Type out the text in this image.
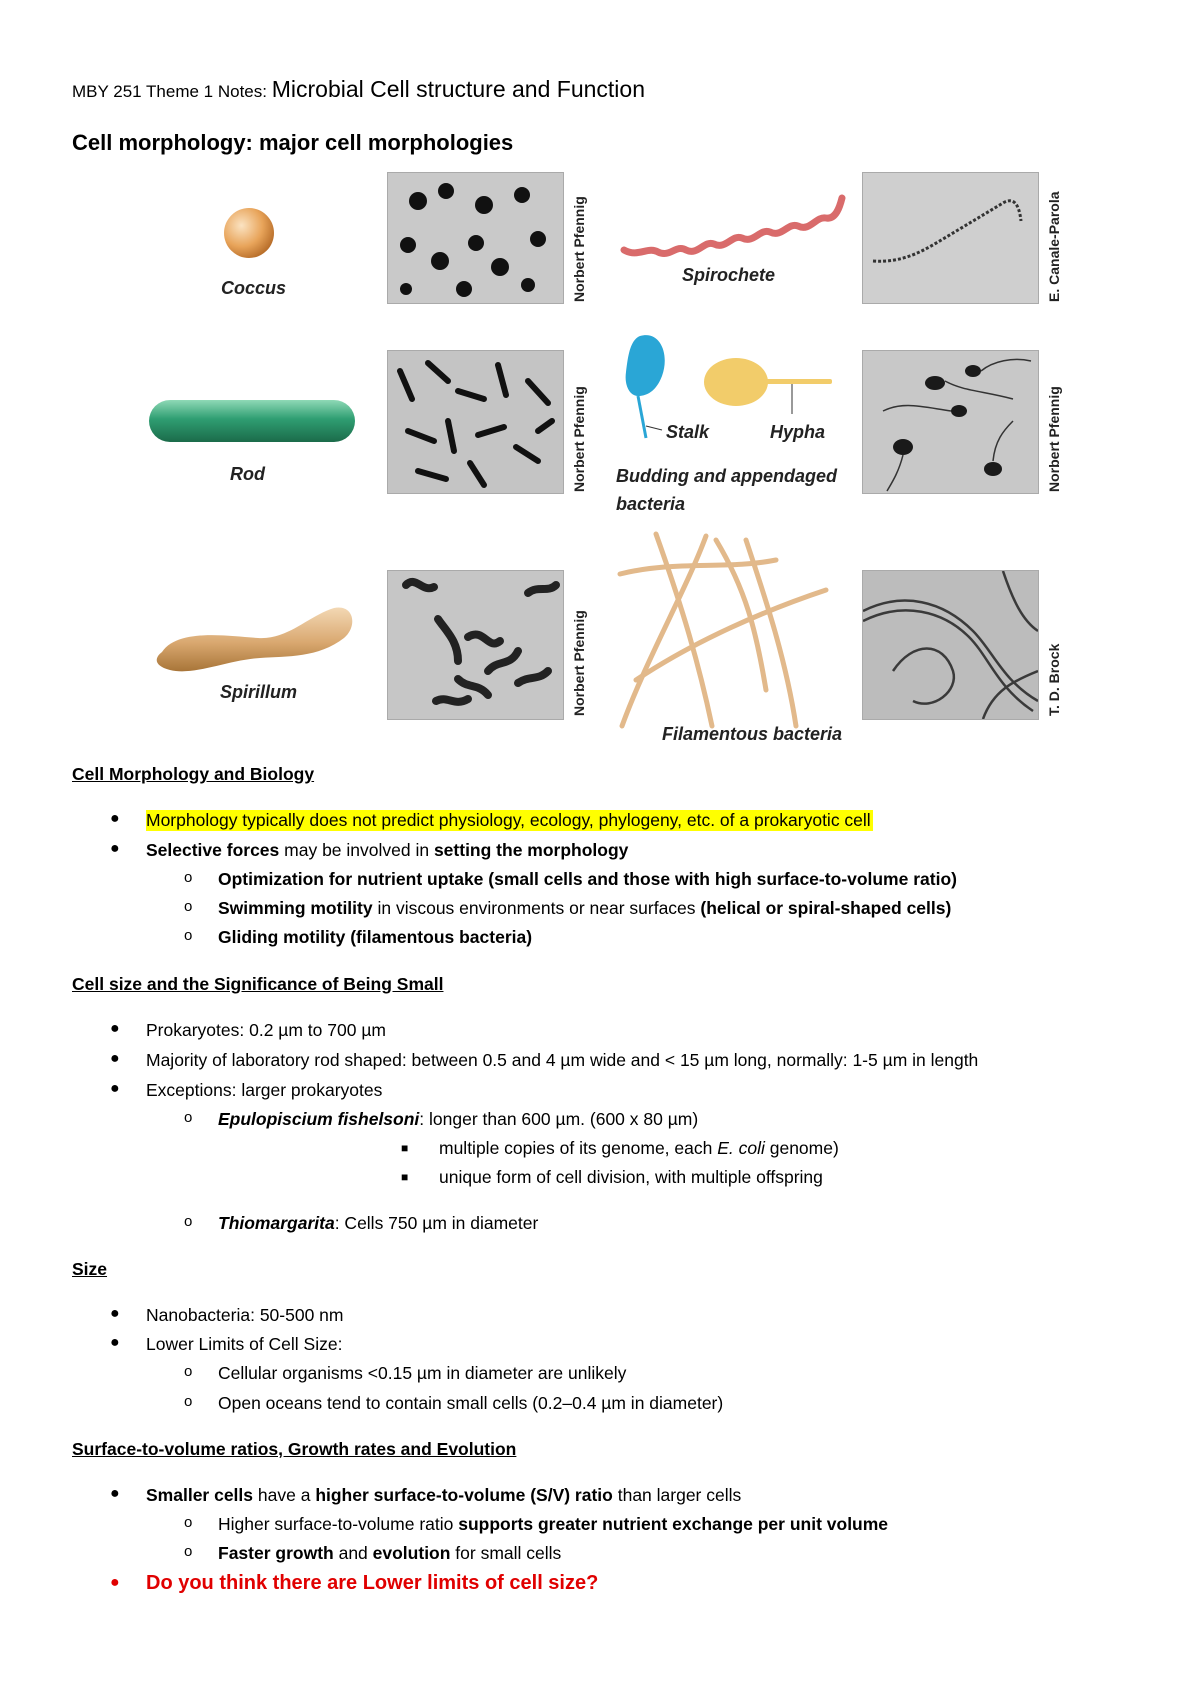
MBY 251 Theme 1 Notes: Microbial Cell structure and Function
Cell morphology: major cell morphologies
Coccus	Norbert Pfennig
Rod	Norbert Pfennig
Spirillum	Norbert Pfennig
Spirochete	E. Canale-Parola
Stalk	Hypha
Budding and appendaged
bacteria
Norbert Pfennig
Filamentous bacteria
T. D. Brock
Cell Morphology and Biology
● Morphology typically does not predict physiology, ecology, phylogeny, etc. of a prokaryotic cell
● Selective forces may be involved in setting the morphology
o Optimization for nutrient uptake (small cells and those with high surface-to-volume ratio)
o Swimming motility in viscous environments or near surfaces (helical or spiral-shaped cells)
o Gliding motility (filamentous bacteria)
Cell size and the Significance of Being Small
● Prokaryotes: 0.2 µm to 700 µm
● Majority of laboratory rod shaped: between 0.5 and 4 µm wide and < 15 µm long, normally: 1-5 µm in length
● Exceptions: larger prokaryotes
o Epulopiscium fishelsoni: longer than 600 µm. (600 x 80 µm)
■ multiple copies of its genome, each E. coli genome)
■ unique form of cell division, with multiple offspring
o Thiomargarita: Cells 750 µm in diameter
Size
● Nanobacteria: 50-500 nm
● Lower Limits of Cell Size:
o Cellular organisms <0.15 µm in diameter are unlikely
o Open oceans tend to contain small cells (0.2–0.4 µm in diameter)
Surface-to-volume ratios, Growth rates and Evolution
● Smaller cells have a higher surface-to-volume (S/V) ratio than larger cells
o Higher surface-to-volume ratio supports greater nutrient exchange per unit volume
o Faster growth and evolution for small cells
● Do you think there are Lower limits of cell size?
